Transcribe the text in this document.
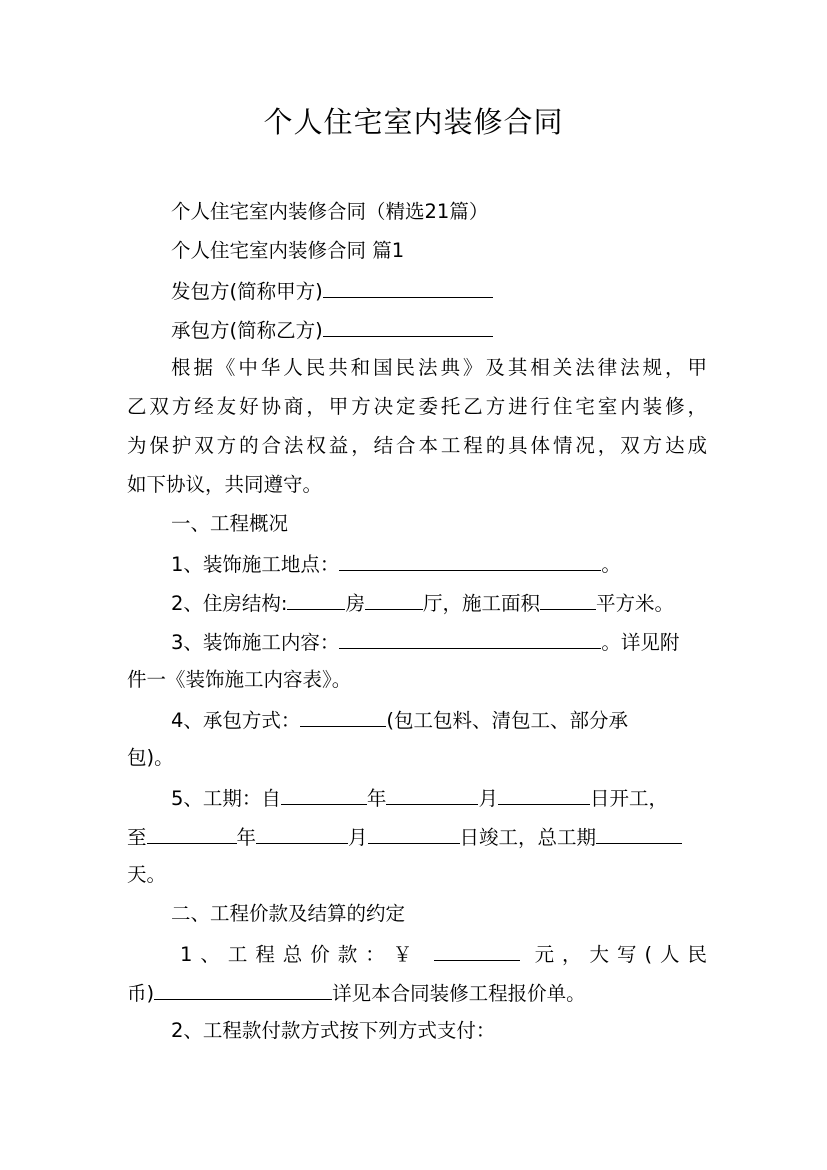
个人住宅室内装修合同
个人住宅室内装修合同（精选21篇）
个人住宅室内装修合同 篇1
发包方(简称甲方)
承包方(简称乙方)
根据《中华人民共和国民法典》及其相关法律法规，甲
乙双方经友好协商，甲方决定委托乙方进行住宅室内装修，
为保护双方的合法权益，结合本工程的具体情况，双方达成
如下协议，共同遵守。
一、工程概况
1、装饰施工地点：	。
2、住房结构:	房	厅，施工面积	平方米。
3、装饰施工内容：	。详见附
件一《装饰施工内容表》。
4、承包方式：	(包工包料、清包工、部分承
包)。
5、工期：自	年	月	日开工，
至	年	月	日竣工，总工期
天。
二、工程价款及结算的约定
1、工程总价款：￥	元，大写(人民
币)	详见本合同装修工程报价单。
2、工程款付款方式按下列方式支付：
